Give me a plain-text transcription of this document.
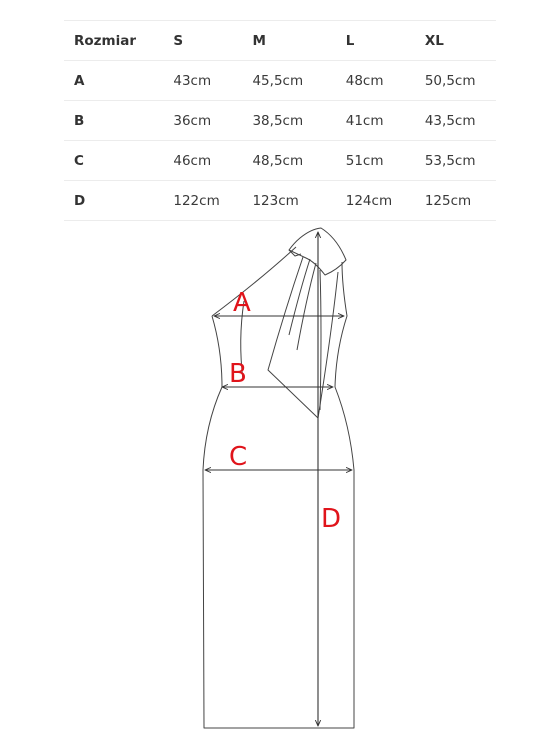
Rozmiar	S	M	L	XL
A	43cm	45,5cm	48cm	50,5cm
B	36cm	38,5cm	41cm	43,5cm
C	46cm	48,5cm	51cm	53,5cm
D	122cm	123cm	124cm	125cm
A
B
C
D
